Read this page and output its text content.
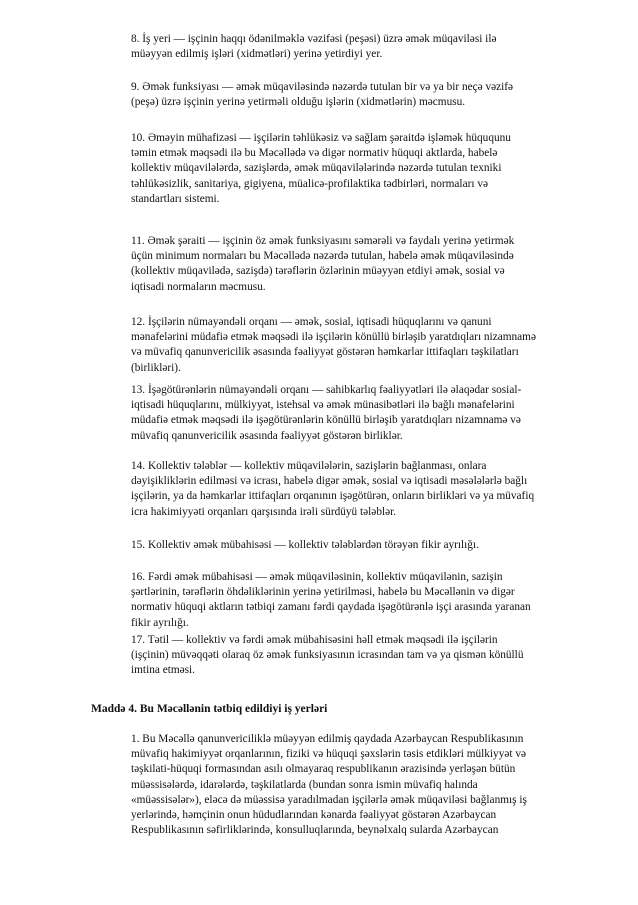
8. İş yeri — işçinin haqqı ödənilməklə vəzifəsi (peşəsi) üzrə əmək müqaviləsi ilə
müəyyən edilmiş işləri (xidmətləri) yerinə yetirdiyi yer.
9. Əmək funksiyası — əmək müqaviləsində nəzərdə tutulan bir və ya bir neçə vəzifə
(peşə) üzrə işçinin yerinə yetirməli olduğu işlərin (xidmətlərin) məcmusu.
10. Əməyin mühafizəsi — işçilərin təhlükəsiz və sağlam şəraitdə işləmək hüququnu
təmin etmək məqsədi ilə bu Məcəllədə və digər normativ hüquqi aktlarda, habelə
kollektiv müqavilələrdə, sazişlərdə, əmək müqavilələrində nəzərdə tutulan texniki
təhlükəsizlik, sanitariya, gigiyena, müalicə-profilaktika tədbirləri, normaları və
standartları sistemi.
11. Əmək şəraiti — işçinin öz əmək funksiyasını səmərəli və faydalı yerinə yetirmək
üçün minimum normaları bu Məcəllədə nəzərdə tutulan, habelə əmək müqaviləsində
(kollektiv müqavilədə, sazişdə) tərəflərin özlərinin müəyyən etdiyi əmək, sosial və
iqtisadi normaların məcmusu.
12. İşçilərin nümayəndəli orqanı — əmək, sosial, iqtisadi hüquqlarını və qanuni
mənafelərini müdafiə etmək məqsədi ilə işçilərin könüllü birləşib yaratdıqları nizamnamə
və müvafiq qanunvericilik əsasında fəaliyyət göstərən həmkarlar ittifaqları təşkilatları
(birlikləri).
13. İşəgötürənlərin nümayəndəli orqanı — sahibkarlıq fəaliyyətləri ilə əlaqədar sosial-
iqtisadi hüquqlarını, mülkiyyət, istehsal və əmək münasibətləri ilə bağlı mənafelərini
müdafiə etmək məqsədi ilə işəgötürənlərin könüllü birləşib yaratdıqları nizamnamə və
müvafiq qanunvericilik əsasında fəaliyyət göstərən birliklər.
14. Kollektiv tələblər — kollektiv müqavilələrin, sazişlərin bağlanması, onlara
dəyişikliklərin edilməsi və icrası, habelə digər əmək, sosial və iqtisadi məsələlərlə bağlı
işçilərin, ya da həmkarlar ittifaqları orqanının işəgötürən, onların birlikləri və ya müvafiq
icra hakimiyyəti orqanları qarşısında irəli sürdüyü tələblər.
15. Kollektiv əmək mübahisəsi — kollektiv tələblərdən törəyən fikir ayrılığı.
16. Fərdi əmək mübahisəsi — əmək müqaviləsinin, kollektiv müqavilənin, sazişin
şərtlərinin, tərəflərin öhdəliklərinin yerinə yetirilməsi, habelə bu Məcəllənin və digər
normativ hüquqi aktların tətbiqi zamanı fərdi qaydada işəgötürənlə işçi arasında yaranan
fikir ayrılığı.
17. Tətil — kollektiv və fərdi əmək mübahisəsini həll etmək məqsədi ilə işçilərin
(işçinin) müvəqqəti olaraq öz əmək funksiyasının icrasından tam və ya qismən könüllü
imtina etməsi.
Maddə 4. Bu Məcəllənin tətbiq edildiyi iş yerləri
1. Bu Məcəllə qanunvericiliklə müəyyən edilmiş qaydada Azərbaycan Respublikasının
müvafiq hakimiyyət orqanlarının, fiziki və hüquqi şəxslərin təsis etdikləri mülkiyyət və
təşkilati-hüquqi formasından asılı olmayaraq respublikanın ərazisində yerləşən bütün
müəssisələrdə, idarələrdə, təşkilatlarda (bundan sonra ismin müvafiq halında
«müəssisələr»), eləcə də müəssisə yaradılmadan işçilərlə əmək müqaviləsi bağlanmış iş
yerlərində, həmçinin onun hüdudlarından kənarda fəaliyyət göstərən Azərbaycan
Respublikasının səfirliklərində, konsulluqlarında, beynəlxalq sularda Azərbaycan
